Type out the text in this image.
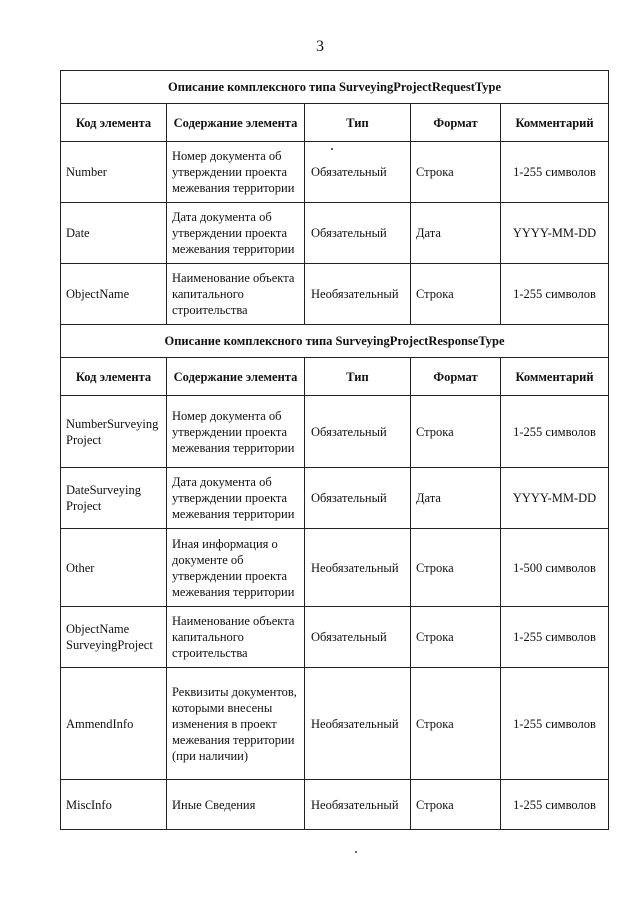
3
Описание комплексного типа SurveyingProjectRequestType				
Код элемента	Содержание элемента	Тип	Формат	Комментарий
Number	Номер документа об утверждении проекта межевания территории	Обязательный	Строка	1-255 символов
Date	Дата документа об утверждении проекта межевания территории	Обязательный	Дата	YYYY-MM-DD
ObjectName	Наименование объекта капитального строительства	Необязательный	Строка	1-255 символов
Описание комплексного типа SurveyingProjectResponseType				
Код элемента	Содержание элемента	Тип	Формат	Комментарий
NumberSurveying Project	Номер документа об утверждении проекта межевания территории	Обязательный	Строка	1-255 символов
DateSurveying Project	Дата документа об утверждении проекта межевания территории	Обязательный	Дата	YYYY-MM-DD
Other	Иная информация о документе об утверждении проекта межевания территории	Необязательный	Строка	1-500 символов
ObjectName SurveyingProject	Наименование объекта капитального строительства	Обязательный	Строка	1-255 символов
AmmendInfo	Реквизиты документов, которыми внесены изменения в проект межевания территории (при наличии)	Необязательный	Строка	1-255 символов
MiscInfo	Иные Сведения	Необязательный	Строка	1-255 символов
